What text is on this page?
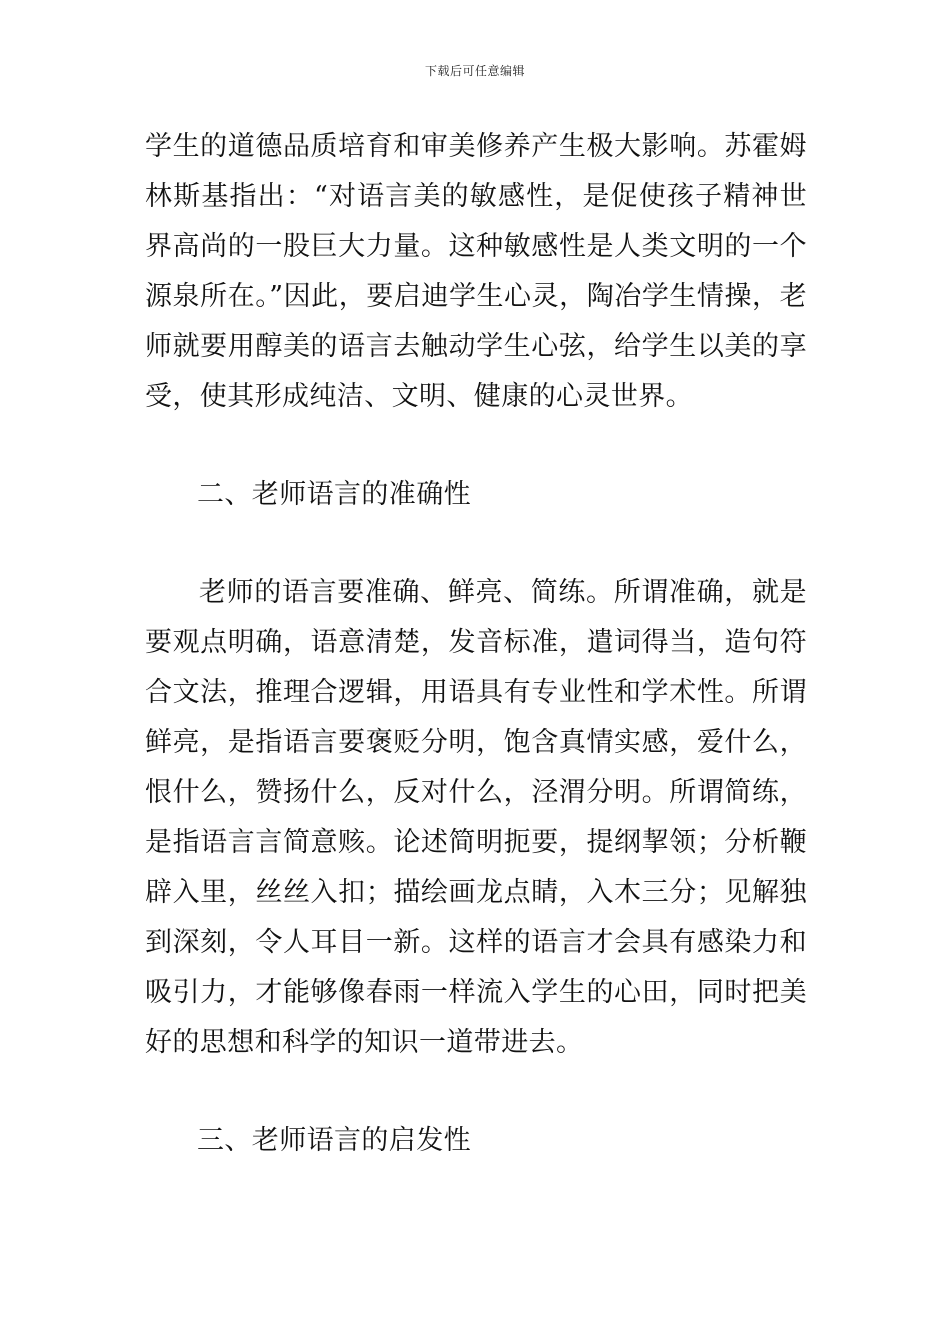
下载后可任意编辑

学生的道德品质培育和审美修养产生极大影响。苏霍姆林斯基指出：“对语言美的敏感性，是促使孩子精神世界高尚的一股巨大力量。这种敏感性是人类文明的一个源泉所在。”因此，要启迪学生心灵，陶冶学生情操，老师就要用醇美的语言去触动学生心弦，给学生以美的享受，使其形成纯洁、文明、健康的心灵世界。

二、老师语言的准确性

老师的语言要准确、鲜亮、简练。所谓准确，就是要观点明确，语意清楚，发音标准，遣词得当，造句符合文法，推理合逻辑，用语具有专业性和学术性。所谓鲜亮，是指语言要褒贬分明，饱含真情实感，爱什么，恨什么，赞扬什么，反对什么，泾渭分明。所谓简练，是指语言言简意赅。论述简明扼要，提纲挈领；分析鞭辟入里，丝丝入扣；描绘画龙点睛，入木三分；见解独到深刻，令人耳目一新。这样的语言才会具有感染力和吸引力，才能够像春雨一样流入学生的心田，同时把美好的思想和科学的知识一道带进去。

三、老师语言的启发性
